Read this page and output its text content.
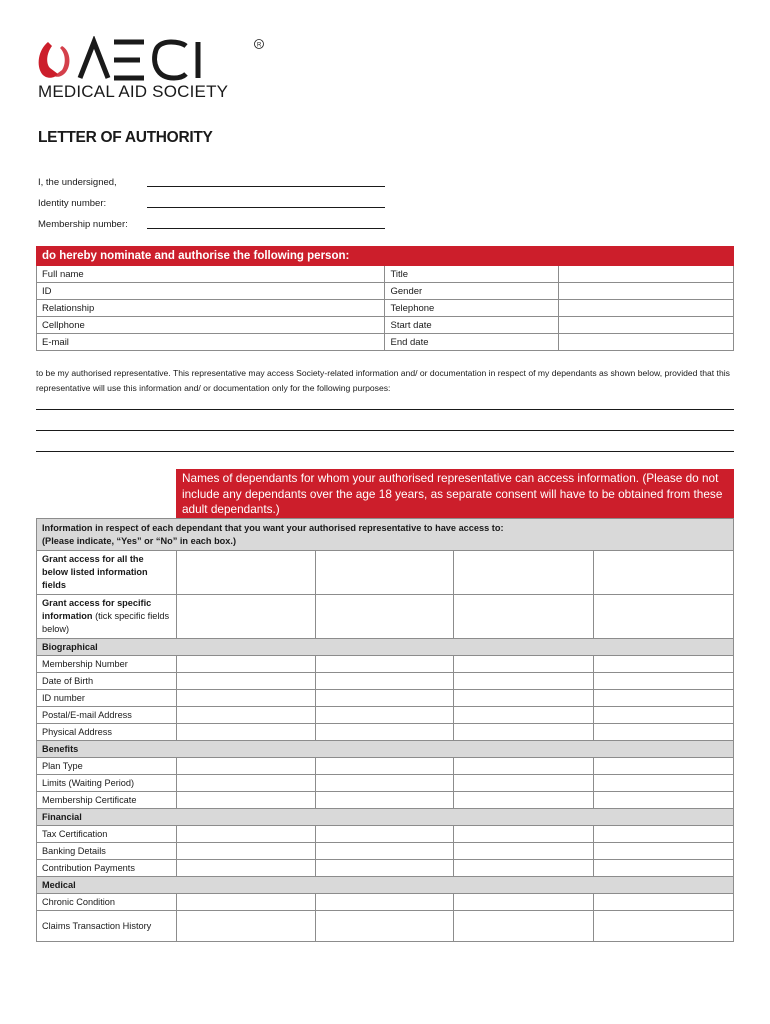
R
MEDICAL AID SOCIETY
LETTER OF AUTHORITY
I, the undersigned,
Identity number:
Membership number:
do hereby nominate and authorise the following person:		
Full name	Title	
ID	Gender	
Relationship	Telephone	
Cellphone	Start date	
E-mail	End date	
to be my authorised representative. This representative may access Society-related information and/ or documentation in respect of my dependants as shown below, provided that this representative will use this information and/ or documentation only for the following purposes:
Names of dependants for whom your authorised representative can access information. (Please do not include any dependants over the age 18 years, as separate consent will have to be obtained from these adult dependants.)
Information in respect of each dependant that you want your authorised representative to have access to:
(Please indicate, “Yes” or “No” in each box.)				

Grant access for all the below listed information fields				
Grant access for specific information (tick specific fields below)				
Biographical				
Membership Number				
Date of Birth				
ID number				
Postal/E-mail Address				
Physical Address				
Benefits				
Plan Type				
Limits (Waiting Period)				
Membership Certificate				
Financial				
Tax Certification				
Banking Details				
Contribution Payments				
Medical				
Chronic Condition				
Claims Transaction History				
